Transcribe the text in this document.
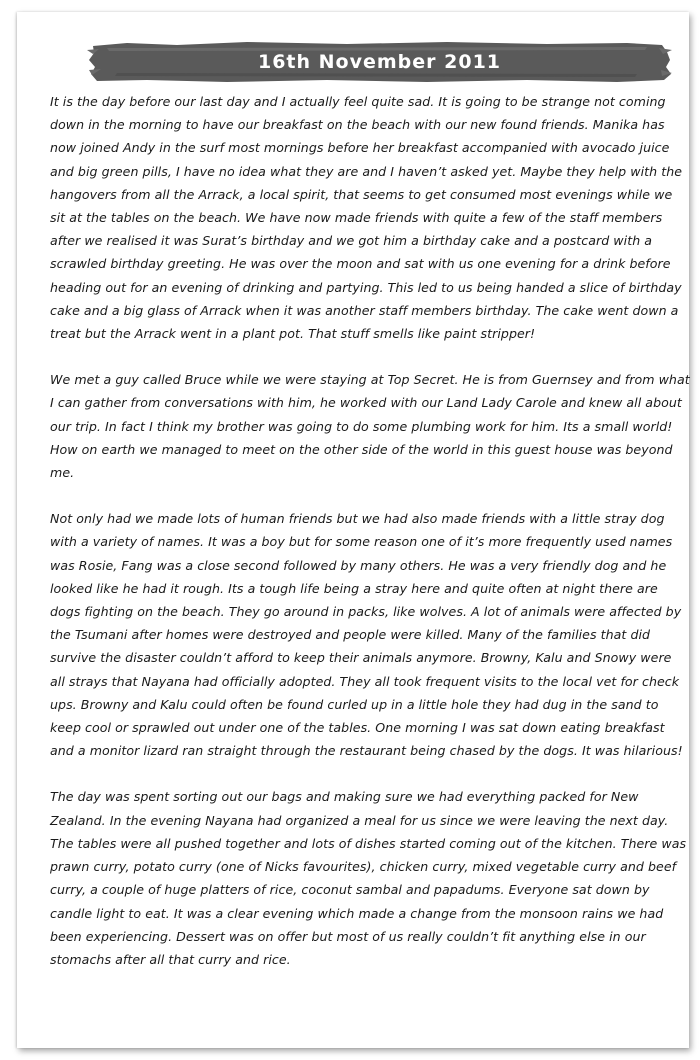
16th November 2011

It is the day before our last day and I actually feel quite sad. It is going to be strange not coming down in the morning to have our breakfast on the beach with our new found friends. Manika has now joined Andy in the surf most mornings before her breakfast accompanied with avocado juice and big green pills, I have no idea what they are and I haven’t asked yet. Maybe they help with the hangovers from all the Arrack, a local spirit, that seems to get consumed most evenings while we sit at the tables on the beach. We have now made friends with quite a few of the staff members after we realised it was Surat’s birthday and we got him a birthday cake and a postcard with a scrawled birthday greeting. He was over the moon and sat with us one evening for a drink before heading out for an evening of drinking and partying. This led to us being handed a slice of birthday cake and a big glass of Arrack when it was another staff members birthday. The cake went down a treat but the Arrack went in a plant pot. That stuff smells like paint stripper!

We met a guy called Bruce while we were staying at Top Secret. He is from Guernsey and from what I can gather from conversations with him, he worked with our Land Lady Carole and knew all about our trip. In fact I think my brother was going to do some plumbing work for him. Its a small world! How on earth we managed to meet on the other side of the world in this guest house was beyond me.

Not only had we made lots of human friends but we had also made friends with a little stray dog with a variety of names. It was a boy but for some reason one of it’s more frequently used names was Rosie, Fang was a close second followed by many others. He was a very friendly dog and he looked like he had it rough. Its a tough life being a stray here and quite often at night there are dogs fighting on the beach. They go around in packs, like wolves. A lot of animals were affected by the Tsumani after homes were destroyed and people were killed. Many of the families that did survive the disaster couldn’t afford to keep their animals anymore. Browny, Kalu and Snowy were all strays that Nayana had officially adopted. They all took frequent visits to the local vet for check ups. Browny and Kalu could often be found curled up in a little hole they had dug in the sand to keep cool or sprawled out under one of the tables. One morning I was sat down eating breakfast and a monitor lizard ran straight through the restaurant being chased by the dogs. It was hilarious!

The day was spent sorting out our bags and making sure we had everything packed for New Zealand. In the evening Nayana had organized a meal for us since we were leaving the next day. The tables were all pushed together and lots of dishes started coming out of the kitchen. There was prawn curry, potato curry (one of Nicks favourites), chicken curry, mixed vegetable curry and beef curry, a couple of huge platters of rice, coconut sambal and papadums. Everyone sat down by candle light to eat. It was a clear evening which made a change from the monsoon rains we had been experiencing. Dessert was on offer but most of us really couldn’t fit anything else in our stomachs after all that curry and rice.
